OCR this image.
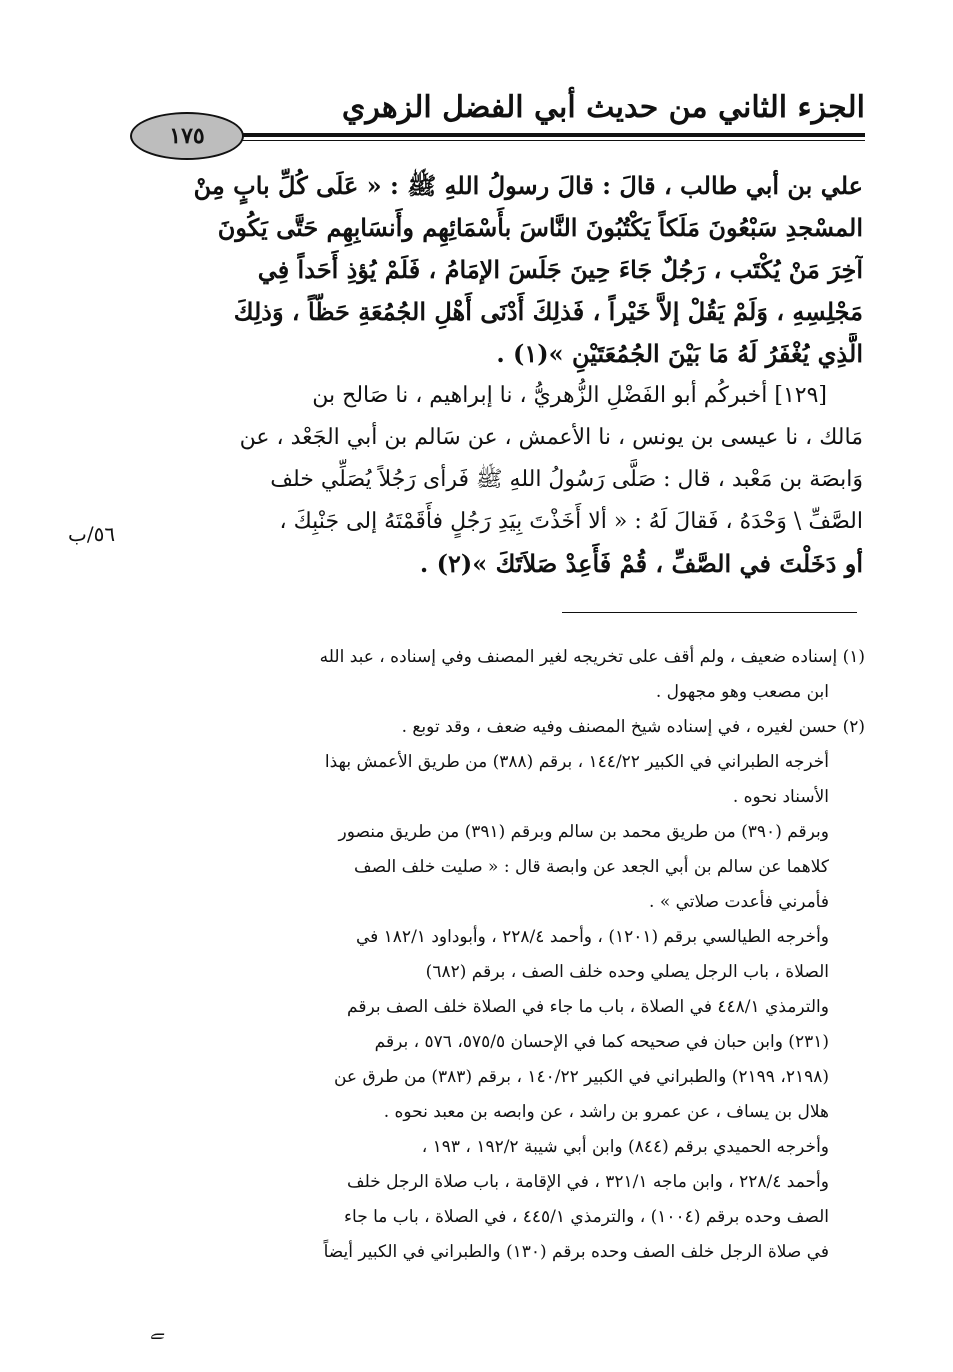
الجزء الثاني من حديث أبي الفضل الزهري
١٧٥
علي بن أبي طالب ، قالَ : قالَ رسولُ اللهِ ﷺ : « عَلَى كُلِّ بابٍ مِنْ
المسْجدِ سَبْعُونَ مَلَكاً يَكْتُبُونَ النَّاسَ بأَسْمَائِهِم وأَنسَابِهِم حَتَّى يَكُونَ
آخِرَ مَنْ يُكْتَب ، رَجُلٌ جَاءَ حِينَ جَلَسَ الإمَامُ ، فَلَمْ يُؤذِ أَحَداً فِي
مَجْلِسِهِ ، وَلَمْ يَقُلْ إلاَّ خَيْراً ، فَذلِكَ أَدْنَى أَهْلِ الجُمُعَةِ حَظّاً ، وَذلِكَ
الَّذِي يُغْفَرُ لَهُ مَا بَيْنَ الجُمُعَتَيْنِ »(١) .
[١٢٩] أخبركُم أبو الفَضْلِ الزُّهريُّ ، نا إبراهيم ، نا صَالح بن
مَالك ، نا عيسى بن يونس ، نا الأعمش ، عن سَالم بن أبي الجَعْد ، عن
وَابصَة بن مَعْبد ، قال : صَلَّى رَسُولُ اللهِ ﷺ فَرأى رَجُلاً يُصَلِّي خلف
الصَّفِّ \ وَحْدَهُ ، فَقالَ لَهُ : « ألا أَخَذْتَ بِيَدِ رَجُلٍ فأَقَمْتَهُ إلى جَنْبِكَ ،
أو دَخَلْتَ في الصَّفِّ ، قُمْ فَأَعِدْ صَلاَتَكَ »(٢) .
٥٦/ب
(١) إسناده ضعيف ، ولم أقف على تخريجه لغير المصنف وفي إسناده ، عبد الله
ابن مصعب وهو مجهول .
(٢) حسن لغيره ، في إسناده شيخ المصنف وفيه ضعف ، وقد توبع .
أخرجه الطبراني في الكبير ١٤٤/٢٢ ، برقم (٣٨٨) من طريق الأعمش بهذا
الأسناد نحوه .
وبرقم (٣٩٠) من طريق محمد بن سالم وبرقم (٣٩١) من طريق منصور
كلاهما عن سالم بن أبي الجعد عن وابصة قال : « صليت خلف الصف
فأمرني فأعدت صلاتي » .
وأخرجه الطيالسي برقم (١٢٠١) ، وأحمد ٢٢٨/٤ ، وأبوداود ١٨٢/١ في
الصلاة ، باب الرجل يصلي وحده خلف الصف ، برقم (٦٨٢)
والترمذي ٤٤٨/١ في الصلاة ، باب ما جاء في الصلاة خلف الصف برقم
(٢٣١) وابن حبان في صحيحه كما في الإحسان ٥٧٥/٥، ٥٧٦ ، برقم
(٢١٩٨، ٢١٩٩) والطبراني في الكبير ١٤٠/٢٢ ، برقم (٣٨٣) من طرق عن
هلال بن يساف ، عن عمرو بن راشد ، عن وابصه بن معبد نحوه .
وأخرجه الحميدي برقم (٨٤٤) وابن أبي شيبة ١٩٢/٢ ، ١٩٣ ،
وأحمد ٢٢٨/٤ ، وابن ماجه ٣٢١/١ ، في الإقامة ، باب صلاة الرجل خلف
الصف وحده برقم (١٠٠٤) ، والترمذي ٤٤٥/١ ، في الصلاة ، باب ما جاء
في صلاة الرجل خلف الصف وحده برقم (١٣٠) والطبراني في الكبير أيضاً
ﮯ
